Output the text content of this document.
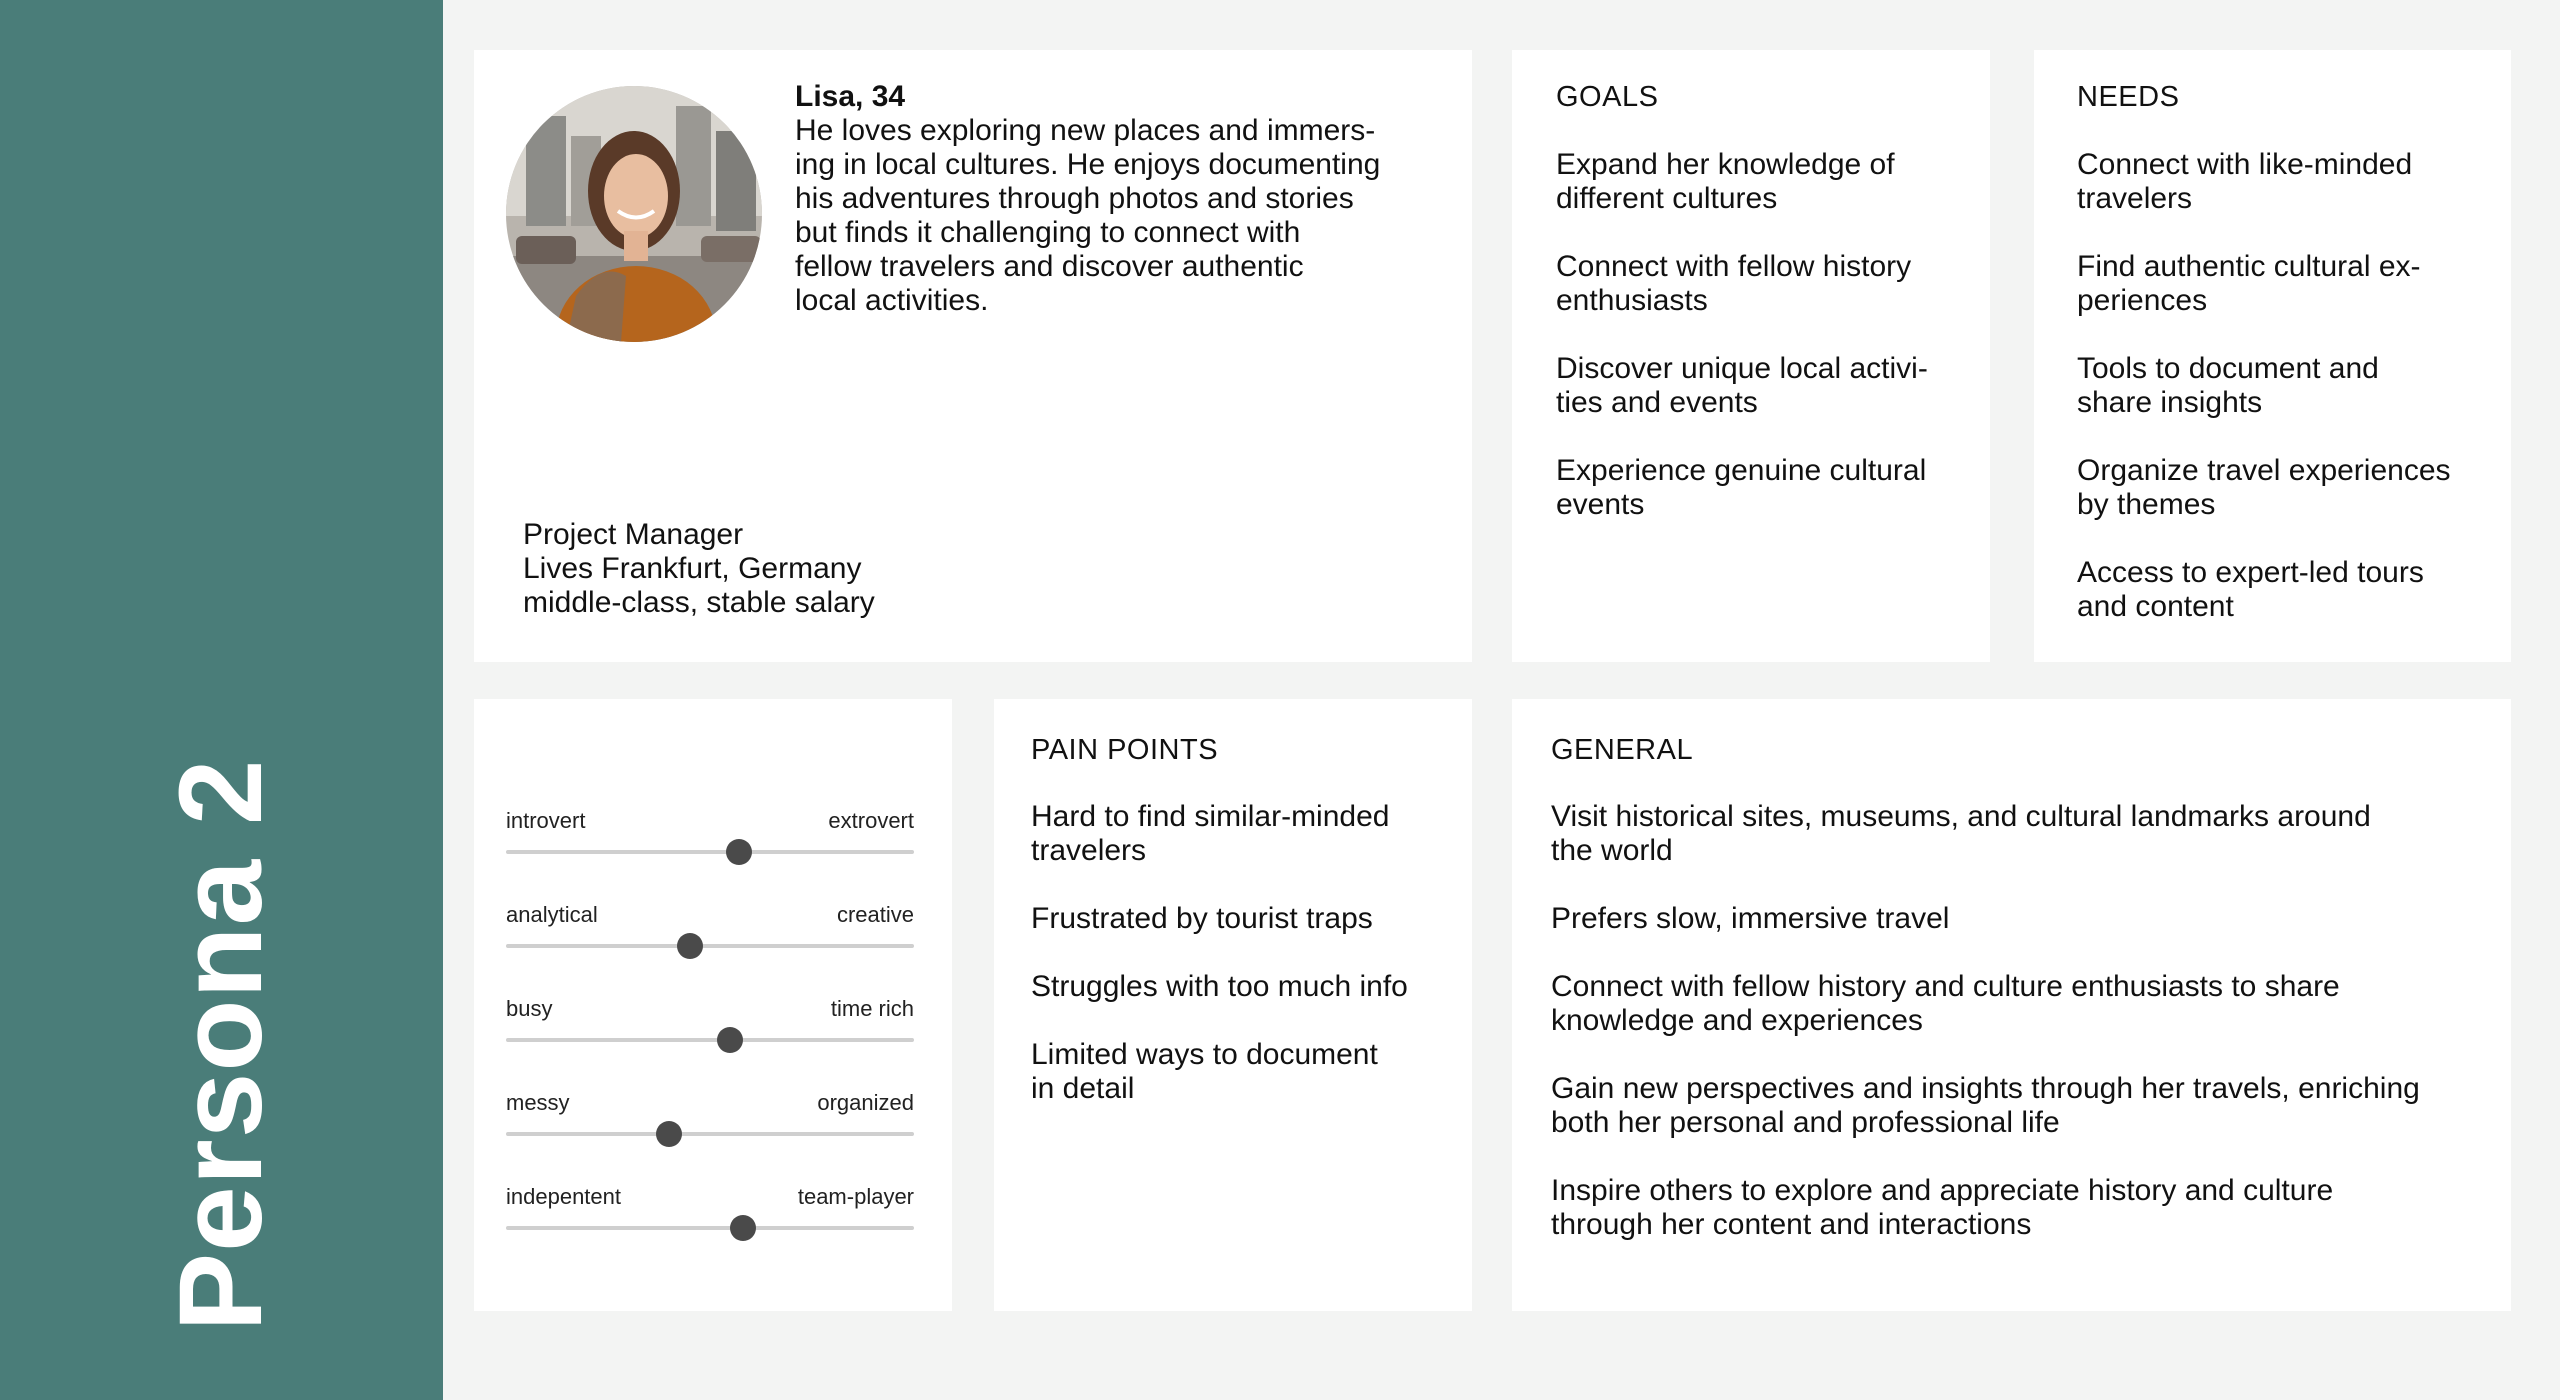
Persona 2
Lisa, 34
He loves exploring new places and immers-
ing in local cultures. He enjoys documenting
his adventures through photos and stories
but finds it challenging to connect with
fellow travelers and discover authentic
local activities.
Project Manager
Lives Frankfurt, Germany
middle-class, stable salary
GOALS
Expand her knowledge of
different cultures
Connect with fellow history
enthusiasts
Discover unique local activi-
ties and events
Experience genuine cultural
events
NEEDS
Connect with like-minded
travelers
Find authentic cultural ex-
periences
Tools to document and
share insights
Organize travel experiences
by themes
Access to expert-led tours
and content
introvert	extrovert
analytical	creative
busy	time rich
messy	organized
indepentent	team-player
PAIN POINTS
Hard to find similar-minded
travelers
Frustrated by tourist traps
Struggles with too much info
Limited ways to document
in detail
GENERAL
Visit historical sites, museums, and cultural landmarks around
the world
Prefers slow, immersive travel
Connect with fellow history and culture enthusiasts to share
knowledge and experiences
Gain new perspectives and insights through her travels, enriching
both her personal and professional life
Inspire others to explore and appreciate history and culture
through her content and interactions
